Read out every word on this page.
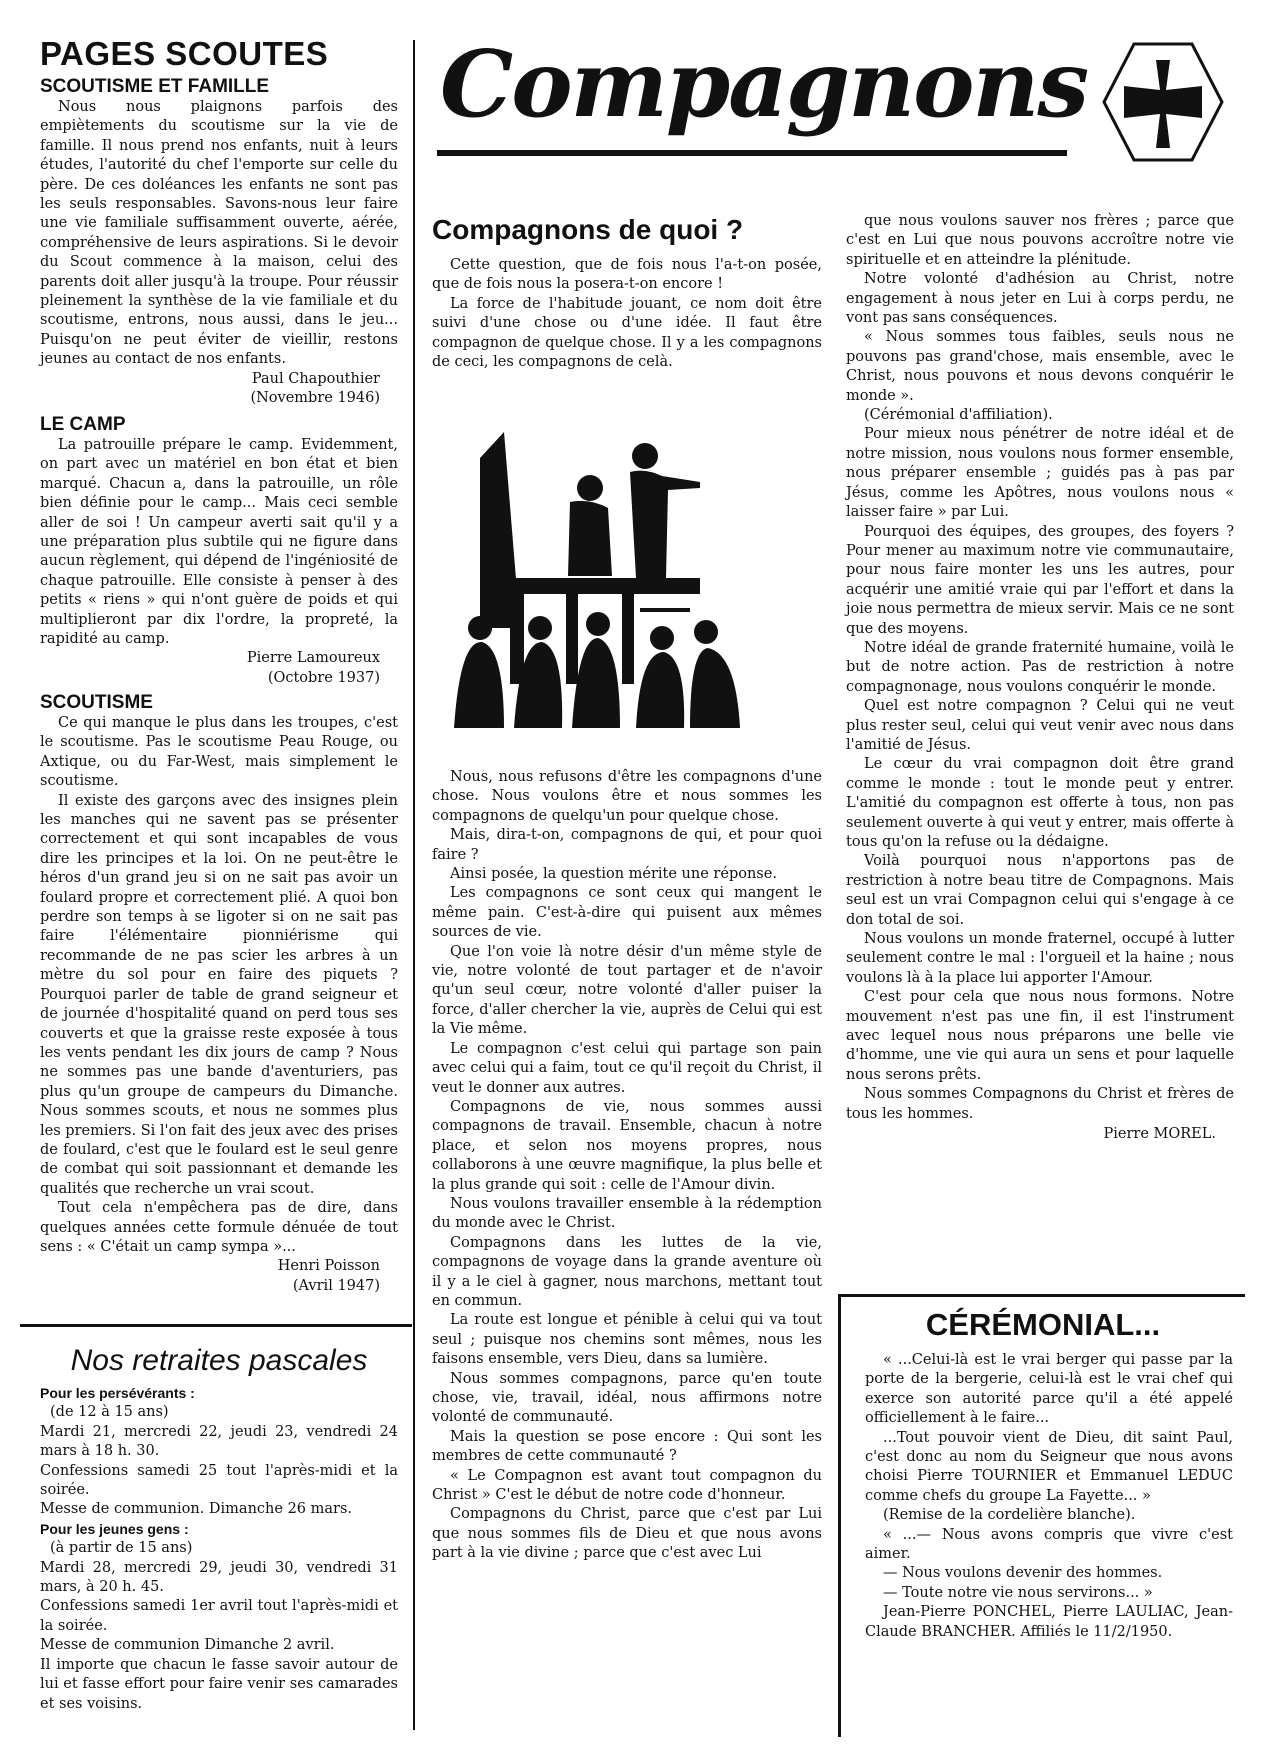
PAGES SCOUTES
SCOUTISME ET FAMILLE

Nous nous plaignons parfois des empiètements du scoutisme sur la vie de famille. Il nous prend nos enfants, nuit à leurs études, l'autorité du chef l'emporte sur celle du père. De ces doléances les enfants ne sont pas les seuls responsables. Savons-nous leur faire une vie familiale suffisamment ouverte, aérée, compréhensive de leurs aspirations. Si le devoir du Scout commence à la maison, celui des parents doit aller jusqu'à la troupe. Pour réussir pleinement la synthèse de la vie familiale et du scoutisme, entrons, nous aussi, dans le jeu... Puisqu'on ne peut éviter de vieillir, restons jeunes au contact de nos enfants.

Paul Chapouthier

(Novembre 1946)

LE CAMP

La patrouille prépare le camp. Evidemment, on part avec un matériel en bon état et bien marqué. Chacun a, dans la patrouille, un rôle bien définie pour le camp... Mais ceci semble aller de soi ! Un campeur averti sait qu'il y a une préparation plus subtile qui ne figure dans aucun règlement, qui dépend de l'ingéniosité de chaque patrouille. Elle consiste à penser à des petits « riens » qui n'ont guère de poids et qui multiplieront par dix l'ordre, la propreté, la rapidité au camp.

Pierre Lamoureux

(Octobre 1937)

SCOUTISME

Ce qui manque le plus dans les troupes, c'est le scoutisme. Pas le scoutisme Peau Rouge, ou Axtique, ou du Far-West, mais simplement le scoutisme.

Il existe des garçons avec des insignes plein les manches qui ne savent pas se présenter correctement et qui sont incapables de vous dire les principes et la loi. On ne peut-être le héros d'un grand jeu si on ne sait pas avoir un foulard propre et correctement plié. A quoi bon perdre son temps à se ligoter si on ne sait pas faire l'élémentaire pionniérisme qui recommande de ne pas scier les arbres à un mètre du sol pour en faire des piquets ? Pourquoi parler de table de grand seigneur et de journée d'hospitalité quand on perd tous ses couverts et que la graisse reste exposée à tous les vents pendant les dix jours de camp ? Nous ne sommes pas une bande d'aventuriers, pas plus qu'un groupe de campeurs du Dimanche. Nous sommes scouts, et nous ne sommes plus les premiers. Si l'on fait des jeux avec des prises de foulard, c'est que le foulard est le seul genre de combat qui soit passionnant et demande les qualités que recherche un vrai scout.

Tout cela n'empêchera pas de dire, dans quelques années cette formule dénuée de tout sens : « C'était un camp sympa »...

Henri Poisson

(Avril 1947)

Nos retraites pascales

Pour les persévérants :

(de 12 à 15 ans)

Mardi 21, mercredi 22, jeudi 23, vendredi 24 mars à 18 h. 30.

Confessions samedi 25 tout l'après-midi et la soirée.

Messe de communion. Dimanche 26 mars.

Pour les jeunes gens :

(à partir de 15 ans)

Mardi 28, mercredi 29, jeudi 30, vendredi 31 mars, à 20 h. 45.

Confessions samedi 1er avril tout l'après-midi et la soirée.

Messe de communion Dimanche 2 avril.

Il importe que chacun le fasse savoir autour de lui et fasse effort pour faire venir ses camarades et ses voisins.

Compagnons
Compagnons de quoi ?

Cette question, que de fois nous l'a-t-on posée, que de fois nous la posera-t-on encore !

La force de l'habitude jouant, ce nom doit être suivi d'une chose ou d'une idée. Il faut être compagnon de quelque chose. Il y a les compagnons de ceci, les compagnons de celà.

Nous, nous refusons d'être les compagnons d'une chose. Nous voulons être et nous sommes les compagnons de quelqu'un pour quelque chose.

Mais, dira-t-on, compagnons de qui, et pour quoi faire ?

Ainsi posée, la question mérite une réponse.

Les compagnons ce sont ceux qui mangent le même pain. C'est-à-dire qui puisent aux mêmes sources de vie.

Que l'on voie là notre désir d'un même style de vie, notre volonté de tout partager et de n'avoir qu'un seul cœur, notre volonté d'aller puiser la force, d'aller chercher la vie, auprès de Celui qui est la Vie même.

Le compagnon c'est celui qui partage son pain avec celui qui a faim, tout ce qu'il reçoit du Christ, il veut le donner aux autres.

Compagnons de vie, nous sommes aussi compagnons de travail. Ensemble, chacun à notre place, et selon nos moyens propres, nous collaborons à une œuvre magnifique, la plus belle et la plus grande qui soit : celle de l'Amour divin.

Nous voulons travailler ensemble à la rédemption du monde avec le Christ.

Compagnons dans les luttes de la vie, compagnons de voyage dans la grande aventure où il y a le ciel à gagner, nous marchons, mettant tout en commun.

La route est longue et pénible à celui qui va tout seul ; puisque nos chemins sont mêmes, nous les faisons ensemble, vers Dieu, dans sa lumière.

Nous sommes compagnons, parce qu'en toute chose, vie, travail, idéal, nous affirmons notre volonté de communauté.

Mais la question se pose encore : Qui sont les membres de cette communauté ?

« Le Compagnon est avant tout compagnon du Christ » C'est le début de notre code d'honneur.

Compagnons du Christ, parce que c'est par Lui que nous sommes fils de Dieu et que nous avons part à la vie divine ; parce que c'est avec Lui

que nous voulons sauver nos frères ; parce que c'est en Lui que nous pouvons accroître notre vie spirituelle et en atteindre la plénitude.

Notre volonté d'adhésion au Christ, notre engagement à nous jeter en Lui à corps perdu, ne vont pas sans conséquences.

« Nous sommes tous faibles, seuls nous ne pouvons pas grand'chose, mais ensemble, avec le Christ, nous pouvons et nous devons conquérir le monde ».

(Cérémonial d'affiliation).

Pour mieux nous pénétrer de notre idéal et de notre mission, nous voulons nous former ensemble, nous préparer ensemble ; guidés pas à pas par Jésus, comme les Apôtres, nous voulons nous « laisser faire » par Lui.

Pourquoi des équipes, des groupes, des foyers ? Pour mener au maximum notre vie communautaire, pour nous faire monter les uns les autres, pour acquérir une amitié vraie qui par l'effort et dans la joie nous permettra de mieux servir. Mais ce ne sont que des moyens.

Notre idéal de grande fraternité humaine, voilà le but de notre action. Pas de restriction à notre compagnonage, nous voulons conquérir le monde.

Quel est notre compagnon ? Celui qui ne veut plus rester seul, celui qui veut venir avec nous dans l'amitié de Jésus.

Le cœur du vrai compagnon doit être grand comme le monde : tout le monde peut y entrer. L'amitié du compagnon est offerte à tous, non pas seulement ouverte à qui veut y entrer, mais offerte à tous qu'on la refuse ou la dédaigne.

Voilà pourquoi nous n'apportons pas de restriction à notre beau titre de Compagnons. Mais seul est un vrai Compagnon celui qui s'engage à ce don total de soi.

Nous voulons un monde fraternel, occupé à lutter seulement contre le mal : l'orgueil et la haine ; nous voulons là à la place lui apporter l'Amour.

C'est pour cela que nous nous formons. Notre mouvement n'est pas une fin, il est l'instrument avec lequel nous nous préparons une belle vie d'homme, une vie qui aura un sens et pour laquelle nous serons prêts.

Nous sommes Compagnons du Christ et frères de tous les hommes.

Pierre MOREL.
CÉRÉMONIAL...

« ...Celui-là est le vrai berger qui passe par la porte de la bergerie, celui-là est le vrai chef qui exerce son autorité parce qu'il a été appelé officiellement à le faire...

...Tout pouvoir vient de Dieu, dit saint Paul, c'est donc au nom du Seigneur que nous avons choisi Pierre TOURNIER et Emmanuel LEDUC comme chefs du groupe La Fayette... »

(Remise de la cordelière blanche).

« ...— Nous avons compris que vivre c'est aimer.

— Nous voulons devenir des hommes.

— Toute notre vie nous servirons... »

Jean-Pierre PONCHEL, Pierre LAULIAC, Jean-Claude BRANCHER. Affiliés le 11/2/1950.
